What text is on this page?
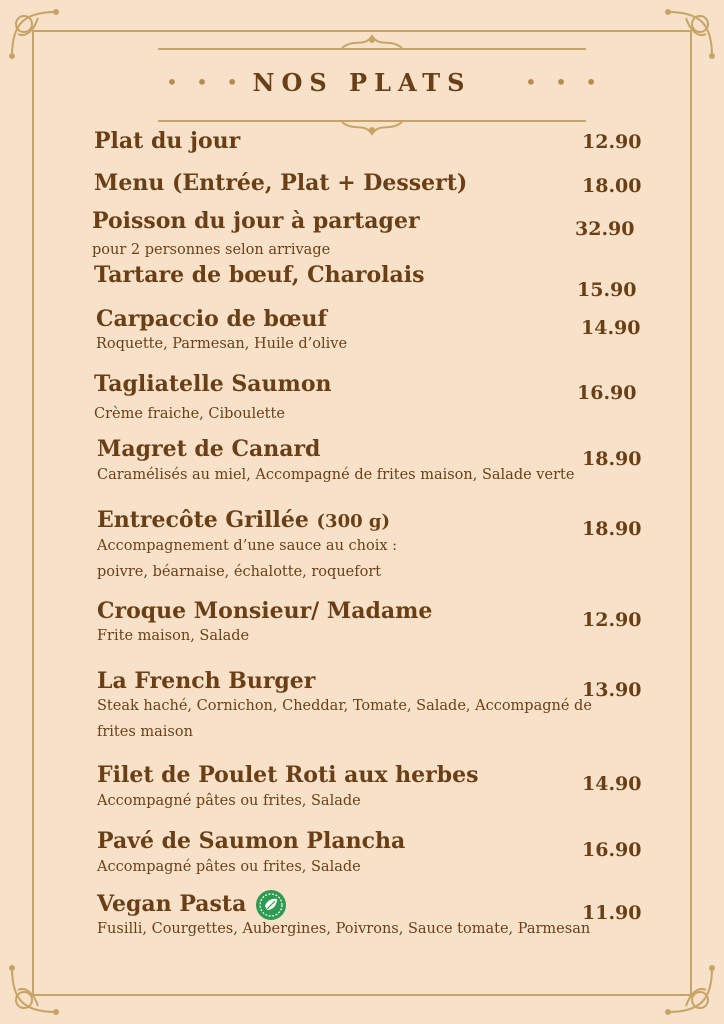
• • • NOS PLATS	• • •
Plat du jour	12.90
Menu (Entrée, Plat + Dessert)	18.00
Poisson du jour à partager
pour 2 personnes selon arrivage
32.90
Tartare de bœuf, Charolais
15.90
Carpaccio de bœuf
Roquette, Parmesan, Huile d’olive
14.90
Tagliatelle Saumon
Crème fraiche, Ciboulette
16.90
Magret de Canard
Caramélisés au miel, Accompagné de frites maison, Salade verte
18.90
Entrecôte Grillée (300 g)
Accompagnement d’une sauce au choix :
poivre, béarnaise, échalotte, roquefort
18.90
Croque Monsieur/ Madame
Frite maison, Salade
12.90
La French Burger
Steak haché, Cornichon, Cheddar, Tomate, Salade, Accompagné de
frites maison
13.90
Filet de Poulet Roti aux herbes
Accompagné pâtes ou frites, Salade
14.90
Pavé de Saumon Plancha
Accompagné pâtes ou frites, Salade
16.90
Vegan Pasta
Fusilli, Courgettes, Aubergines, Poivrons, Sauce tomate, Parmesan
11.90
